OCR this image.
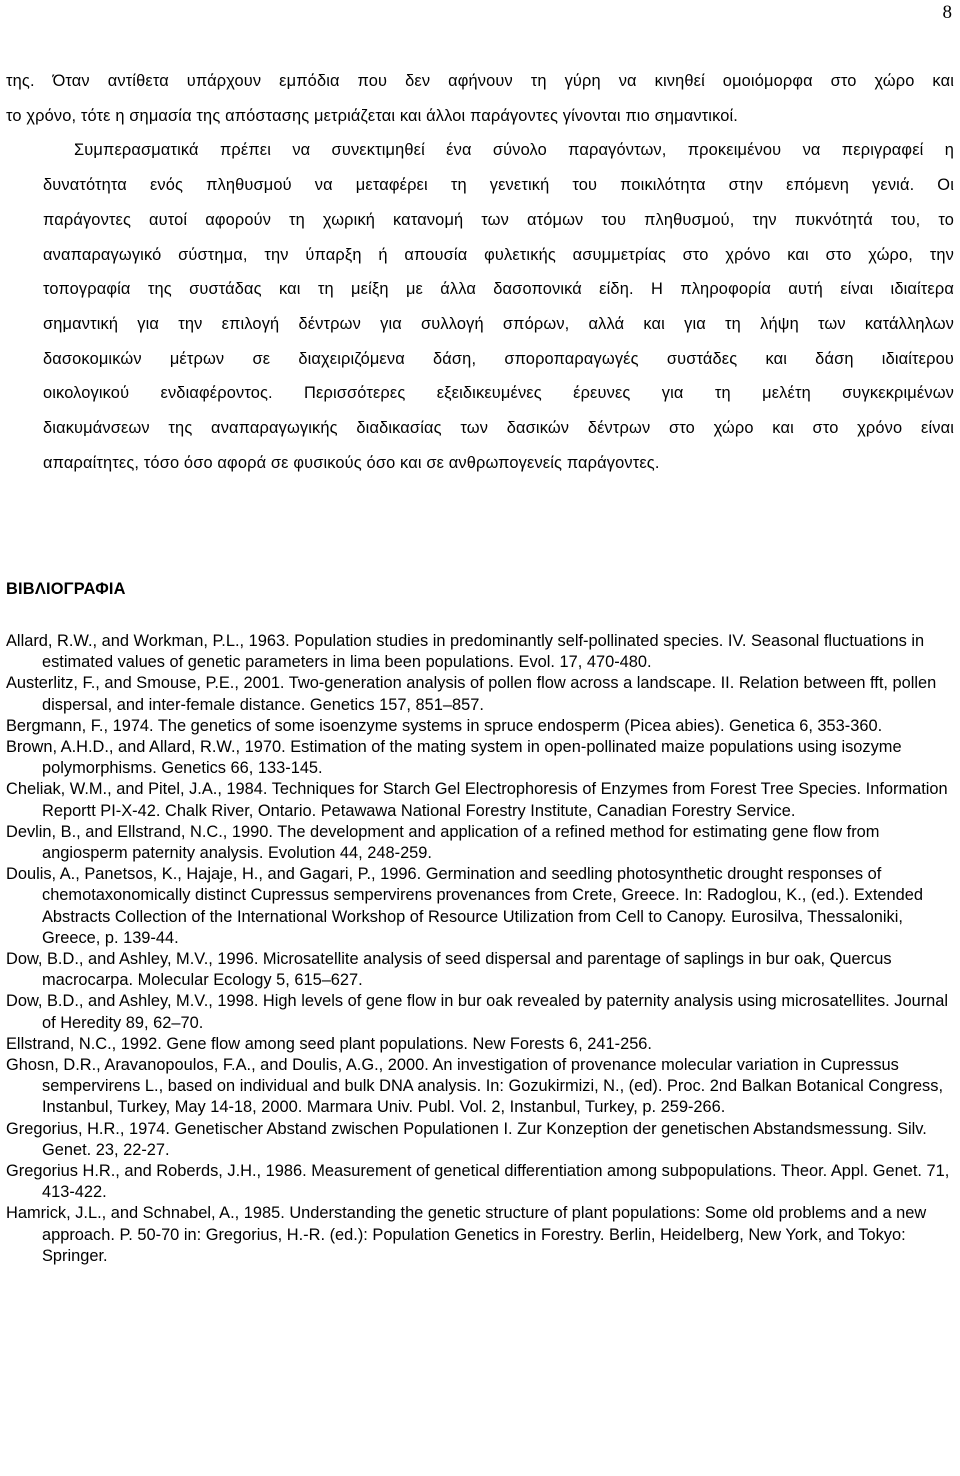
8

της. Όταν αντίθετα υπάρχουν εμπόδια που δεν αφήνουν τη γύρη να κινηθεί ομοιόμορφα στο χώρο και
το χρόνο, τότε η σημασία της απόστασης μετριάζεται και άλλοι παράγοντες γίνονται πιο σημαντικοί.

Συμπερασματικά πρέπει να συνεκτιμηθεί ένα σύνολο παραγόντων, προκειμένου να περιγραφεί η
δυνατότητα ενός πληθυσμού να μεταφέρει τη γενετική του ποικιλότητα στην επόμενη γενιά. Οι
παράγοντες αυτοί αφορούν τη χωρική κατανομή των ατόμων του πληθυσμού, την πυκνότητά του, το
αναπαραγωγικό σύστημα, την ύπαρξη ή απουσία φυλετικής ασυμμετρίας στο χρόνο και στο χώρο, την
τοπογραφία της συστάδας και τη μείξη με άλλα δασοπονικά είδη. Η πληροφορία αυτή είναι ιδιαίτερα
σημαντική για την επιλογή δέντρων για συλλογή σπόρων, αλλά και για τη λήψη των κατάλληλων
δασοκομικών μέτρων σε διαχειριζόμενα δάση, σποροπαραγωγές συστάδες και δάση ιδιαίτερου
οικολογικού ενδιαφέροντος. Περισσότερες εξειδικευμένες έρευνες για τη μελέτη συγκεκριμένων
διακυμάνσεων της αναπαραγωγικής διαδικασίας των δασικών δέντρων στο χώρο και στο χρόνο είναι
απαραίτητες, τόσο όσο αφορά σε φυσικούς όσο και σε ανθρωπογενείς παράγοντες.

ΒΙΒΛΙΟΓΡΑΦΙΑ
Allard, R.W., and Workman, P.L., 1963. Population studies in predominantly self-pollinated species. IV. Seasonal fluctuations in estimated values of genetic parameters in lima been populations. Evol. 17, 470-480.
Austerlitz, F., and Smouse, P.E., 2001. Two-generation analysis of pollen flow across a landscape. II. Relation between fft, pollen dispersal, and inter-female distance. Genetics 157, 851–857.
Bergmann, F., 1974. The genetics of some isoenzyme systems in spruce endosperm (Picea abies). Genetica 6, 353-360.
Brown, A.H.D., and Allard, R.W., 1970. Estimation of the mating system in open-pollinated maize populations using isozyme polymorphisms. Genetics 66, 133-145.
Cheliak, W.M., and Pitel, J.A., 1984. Techniques for Starch Gel Electrophoresis of Enzymes from Forest Tree Species. Information Reportt PI-X-42. Chalk River, Ontario. Petawawa National Forestry Institute, Canadian Forestry Service.
Devlin, B., and Ellstrand, N.C., 1990. The development and application of a refined method for estimating gene flow from angiosperm paternity analysis. Evolution 44, 248-259.
Doulis, A., Panetsos, K., Hajaje, H., and Gagari, P., 1996. Germination and seedling photosynthetic drought responses of chemotaxonomically distinct Cupressus sempervirens provenances from Crete, Greece. In: Radoglou, K., (ed.). Extended Abstracts Collection of the International Workshop of Resource Utilization from Cell to Canopy. Eurosilva, Thessaloniki, Greece, p. 139-44.
Dow, B.D., and Ashley, M.V., 1996. Microsatellite analysis of seed dispersal and parentage of saplings in bur oak, Quercus macrocarpa. Molecular Ecology 5, 615–627.
Dow, B.D., and Ashley, M.V., 1998. High levels of gene flow in bur oak revealed by paternity analysis using microsatellites. Journal of Heredity 89, 62–70.
Ellstrand, N.C., 1992. Gene flow among seed plant populations. New Forests 6, 241-256.
Ghosn, D.R., Aravanopoulos, F.A., and Doulis, A.G., 2000. An investigation of provenance molecular variation in Cupressus sempervirens L., based on individual and bulk DNA analysis. In: Gozukirmizi, N., (ed). Proc. 2nd Balkan Botanical Congress, Instanbul, Turkey, May 14-18, 2000. Marmara Univ. Publ. Vol. 2, Instanbul, Turkey, p. 259-266.
Gregorius, H.R., 1974. Genetischer Abstand zwischen Populationen I. Zur Konzeption der genetischen Abstandsmessung. Silv. Genet. 23, 22-27.
Gregorius H.R., and Roberds, J.H., 1986. Measurement of genetical differentiation among subpopulations. Theor. Appl. Genet. 71, 413-422.
Hamrick, J.L., and Schnabel, A., 1985. Understanding the genetic structure of plant populations: Some old problems and a new approach. P. 50-70 in: Gregorius, H.-R. (ed.): Population Genetics in Forestry. Berlin, Heidelberg, New York, and Tokyo: Springer.
